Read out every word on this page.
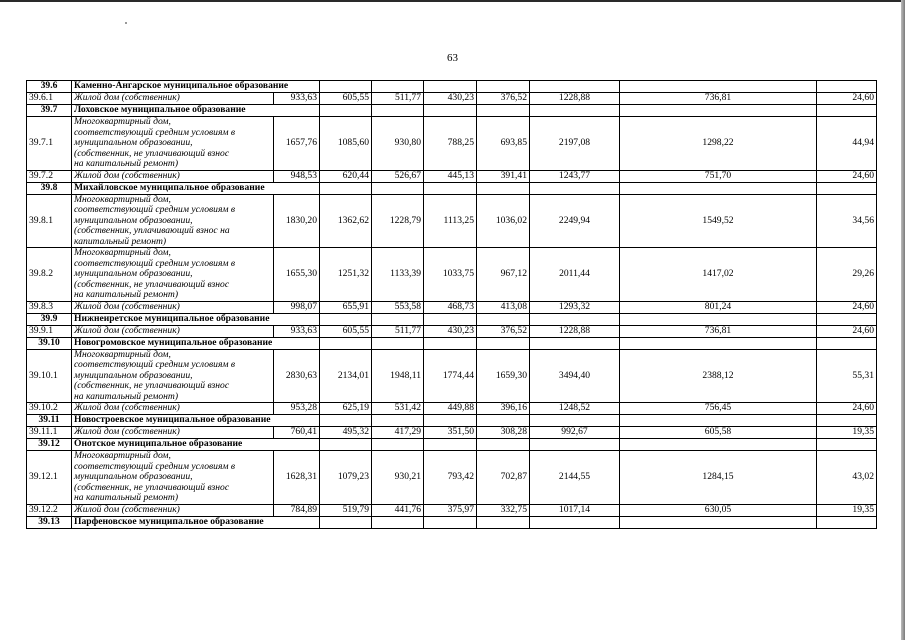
63
39.6	Каменно-Ангарское муниципальное образование								
39.6.1	Жилой дом (собственник)	933,63	605,55	511,77	430,23	376,52	1228,88	736,81	24,60
39.7	Лоховское муниципальное образование								
39.7.1	Многоквартирный дом,
соответствующий средним условиям в
муниципальном образовании,
(собственник, не уплачивающий взнос
на капитальный ремонт)	1657,76	1085,60	930,80	788,25	693,85	2197,08	1298,22	44,94
39.7.2	Жилой дом (собственник)	948,53	620,44	526,67	445,13	391,41	1243,77	751,70	24,60
39.8	Михайловское муниципальное образование								
39.8.1	Многоквартирный дом,
соответствующий средним условиям в
муниципальном образовании,
(собственник, уплачивающий взнос на
капитальный ремонт)	1830,20	1362,62	1228,79	1113,25	1036,02	2249,94	1549,52	34,56
39.8.2	Многоквартирный дом,
соответствующий средним условиям в
муниципальном образовании,
(собственник, не уплачивающий взнос
на капитальный ремонт)	1655,30	1251,32	1133,39	1033,75	967,12	2011,44	1417,02	29,26
39.8.3	Жилой дом (собственник)	998,07	655,91	553,58	468,73	413,08	1293,32	801,24	24,60
39.9	Нижнеиретское муниципальное образование								
39.9.1	Жилой дом (собственник)	933,63	605,55	511,77	430,23	376,52	1228,88	736,81	24,60
39.10	Новогромовское муниципальное образование								
39.10.1	Многоквартирный дом,
соответствующий средним условиям в
муниципальном образовании,
(собственник, не уплачивающий взнос
на капитальный ремонт)	2830,63	2134,01	1948,11	1774,44	1659,30	3494,40	2388,12	55,31
39.10.2	Жилой дом (собственник)	953,28	625,19	531,42	449,88	396,16	1248,52	756,45	24,60
39.11	Новостроевское муниципальное образование								
39.11.1	Жилой дом (собственник)	760,41	495,32	417,29	351,50	308,28	992,67	605,58	19,35
39.12	Онотское муниципальное образование								
39.12.1	Многоквартирный дом,
соответствующий средним условиям в
муниципальном образовании,
(собственник, не уплачивающий взнос
на капитальный ремонт)	1628,31	1079,23	930,21	793,42	702,87	2144,55	1284,15	43,02
39.12.2	Жилой дом (собственник)	784,89	519,79	441,76	375,97	332,75	1017,14	630,05	19,35
39.13	Парфеновское муниципальное образование								
